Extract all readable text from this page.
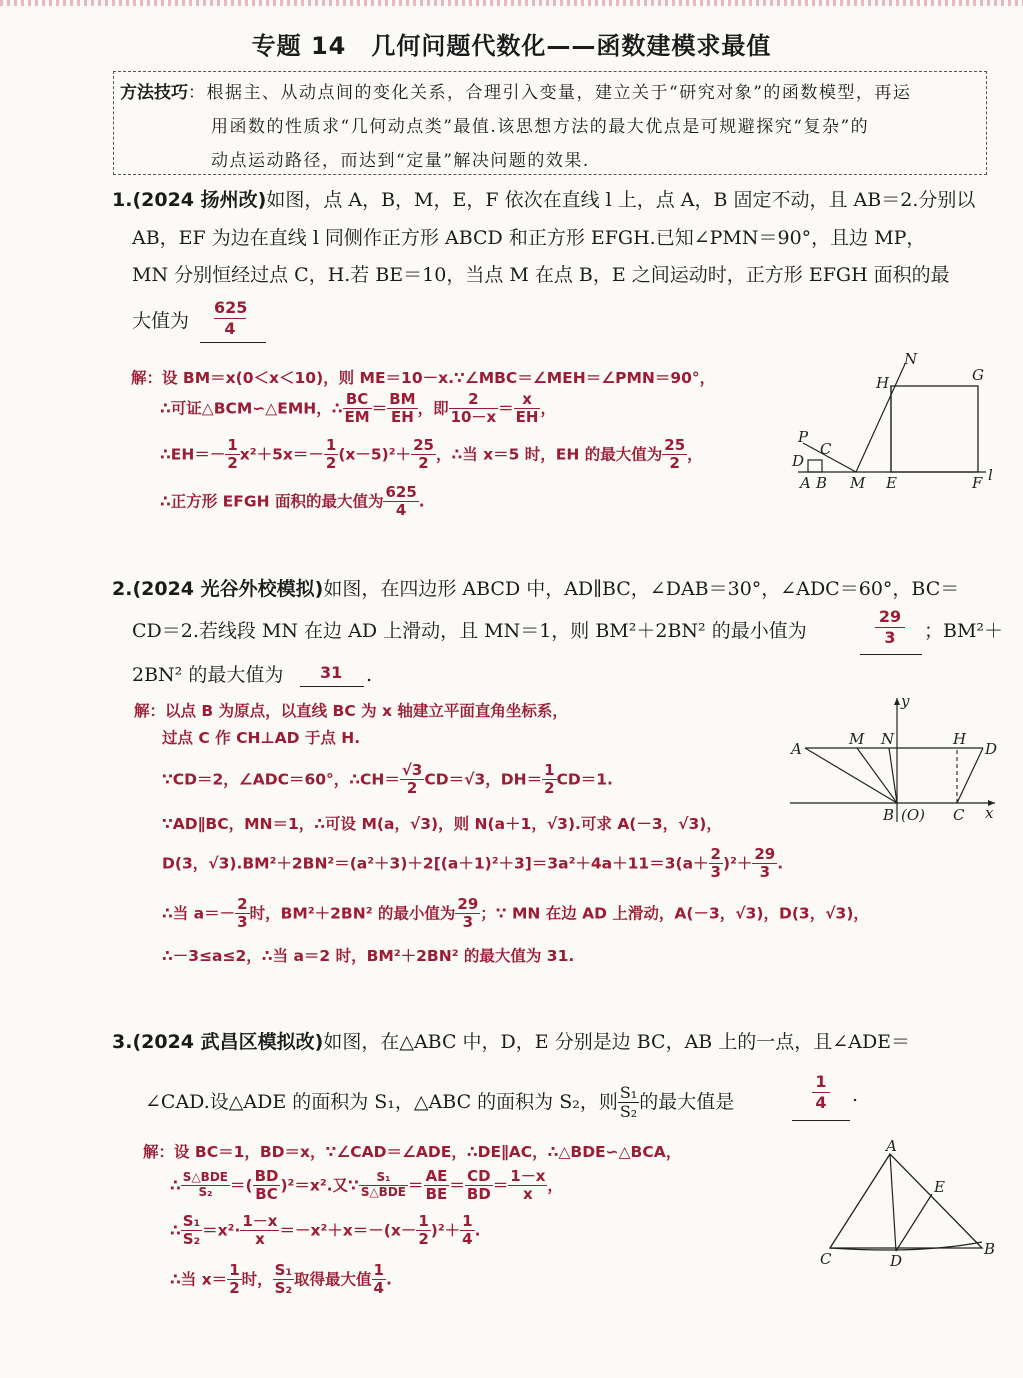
专题 14　几何问题代数化——函数建模求最值
方法技巧：根据主、从动点间的变化关系，合理引入变量，建立关于“研究对象”的函数模型，再运
用函数的性质求“几何动点类”最值.该思想方法的最大优点是可规避探究“复杂”的
动点运动路径，而达到“定量”解决问题的效果.
1.(2024 扬州改)如图，点 A，B，M，E，F 依次在直线 l 上，点 A，B 固定不动，且 AB＝2.分别以
AB，EF 为边在直线 l 同侧作正方形 ABCD 和正方形 EFGH.已知∠PMN＝90°，且边 MP，
MN 分别恒经过点 C，H.若 BE＝10，当点 M 在点 B，E 之间运动时，正方形 EFGH 面积的最
大值为 $\frac{625}{4}$
解：设 BM＝x(0＜x＜10)，则 ME＝10－x.∵∠MBC＝∠MEH＝∠PMN＝90°，
∴可证△BCM∽△EMH，∴ $\frac{BC}{EM} = \frac{BM}{EH}$ ，即 $\frac{2}{10-x} = \frac{x}{EH}$ ，
∴EH＝－ $\frac{1}{2} x^2+5x=- \frac{1}{2} (x-5)^2+ \frac{25}{2}$ ，∴当 x＝5 时，EH 的最大值为 $\frac{25}{2}$ ，
∴正方形 EFGH 面积的最大值为 $\frac{625}{4}$ .
P
C
D
A B M E	F l
H
N
G
2.(2024 光谷外校模拟)如图，在四边形 ABCD 中，AD∥BC，∠DAB＝30°，∠ADC＝60°，BC＝
CD＝2.若线段 MN 在边 AD 上滑动，且 MN＝1，则 BM²＋2BN² 的最小值为	$\frac{29}{3}$ ；BM²＋
2BN² 的最大值为 31 .
解：以点 B 为原点，以直线 BC 为 x 轴建立平面直角坐标系，
过点 C 作 CH⊥AD 于点 H.
∵CD＝2，∠ADC＝60°，∴CH＝ $\frac{√3}{2} CD=√3$，$DH= \frac{1}{2} CD=1$.
∵AD∥BC，MN＝1，∴可设 M(a，√3)，则 N(a＋1，√3).可求 A(－3，√3)，
D(3，$√3).BM^2+2BN^2=(a^2+3)+2[(a+1)^2+3]=3a^2+4a+11=3(a+ \frac{2}{3} )^2+ \frac{29}{3}$ .
∴当 $a=- \frac{2}{3}$ 时，BM²＋2BN² 的最小值为 $\frac{29}{3}$ ；∵ MN 在边 AD 上滑动，A(－3，√3)，D(3，√3)，
∴－3≤a≤2，∴当 a＝2 时，BM²＋2BN² 的最大值为 31.
A
M N	H
D
y
B (O) C x
3.(2024 武昌区模拟改)如图，在△ABC 中，D，E 分别是边 BC，AB 上的一点，且∠ADE＝
∠CAD.设△ADE 的面积为 S₁，△ABC 的面积为 S₂，则 $\frac{\text{S₁}}{\text{S₂}}$ 的最大值是	$\frac{1}{4}$ .
解：设 BC＝1，BD＝x，∵∠CAD＝∠ADE，∴DE∥AC，∴△BDE∽△BCA，
∴ $\frac{\text{S△BDE}}{\text{S₂}}$ ＝( $\frac{BD}{BC} )^2=x^2$.又∵ $\frac{\text{S₁}}{\text{S△BDE}} = \frac{AE}{BE} = \frac{CD}{BD} = \frac{1-x}{x}$ ，
∴ $\frac{\text{S₁}}{\text{S₂}} =x^2\cdot \frac{1-x}{x} =-x^2+x=-(x- \frac{1}{2} )^2+ \frac{1}{4}$ .
∴当 $x= \frac{1}{2}$ 时， $\frac{\text{S₁}}{\text{S₂}}$ 取得最大值 $\frac{1}{4}$ .
A
E
C	D
B
